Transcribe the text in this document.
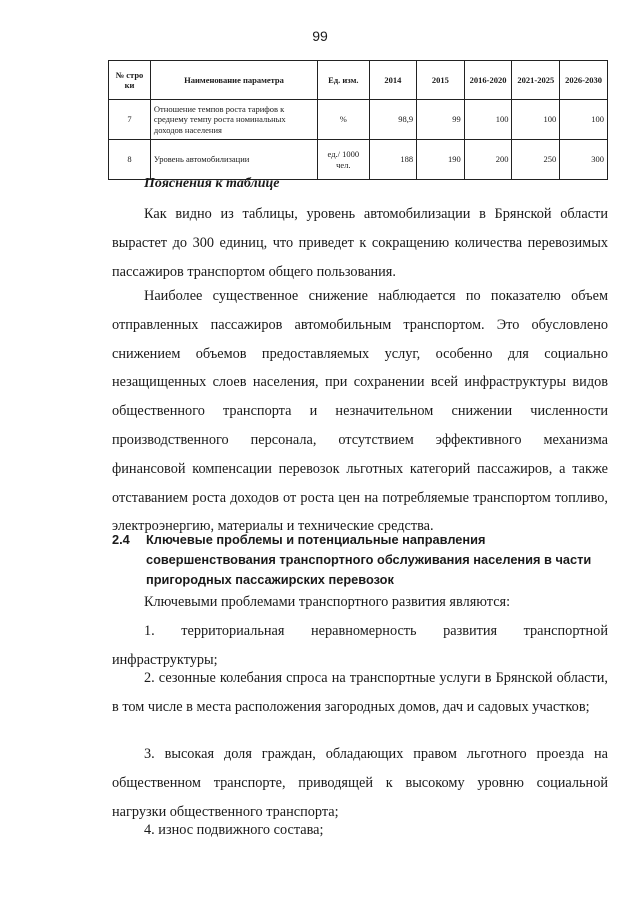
99
№ стро ки	Наименование параметра	Ед. изм.	2014	2015	2016-2020	2021-2025	2026-2030
7	Отношение темпов роста тарифов к среднему темпу роста номинальных доходов населения	%	98,9	99	100	100	100
8	Уровень автомобилизации	ед./ 1000 чел.	188	190	200	250	300
Пояснения к таблице

Как видно из таблицы, уровень автомобилизации в Брянской области вырастет до 300 единиц, что приведет к сокращению количества перевозимых пассажиров транспортом общего пользования.

Наиболее существенное снижение наблюдается по показателю объем отправленных пассажиров автомобильным транспортом. Это обусловлено снижением объемов предоставляемых услуг, особенно для социально незащищенных слоев населения, при сохранении всей инфраструктуры видов общественного транспорта и незначительном снижении численности производственного персонала, отсутствием эффективного механизма финансовой компенсации перевозок льготных категорий пассажиров, а также отставанием роста доходов от роста цен на потребляемые транспортом топливо, электроэнергию, материалы и технические средства.

2.4 Ключевые проблемы и потенциальные направления совершенствования транспортного обслуживания населения в части пригородных пассажирских перевозок

Ключевыми проблемами транспортного развития являются:

1. территориальная неравномерность развития транспортной инфраструктуры;

2. сезонные колебания спроса на транспортные услуги в Брянской области, в том числе в места расположения загородных домов, дач и садовых участков;

3. высокая доля граждан, обладающих правом льготного проезда на общественном транспорте, приводящей к высокому уровню социальной нагрузки общественного транспорта;

4. износ подвижного состава;
